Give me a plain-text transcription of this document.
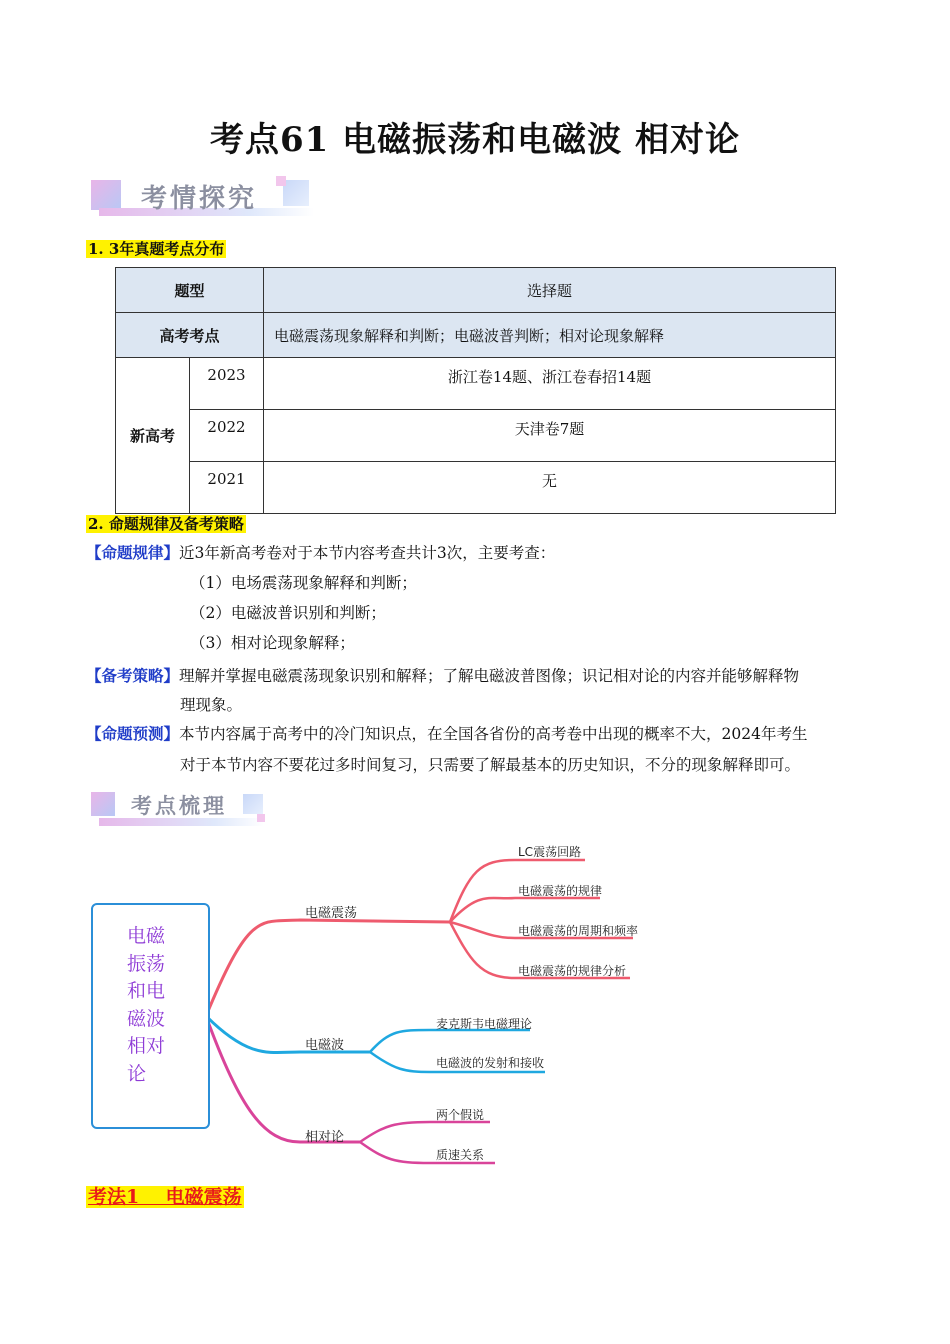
考点61 电磁振荡和电磁波 相对论
考情探究
1. 3年真题考点分布
题型		选择题
高考考点		电磁震荡现象解释和判断；电磁波普判断；相对论现象解释
新高考	2023	浙江卷14题、浙江卷春招14题
	2022	天津卷7题
	2021	无
2. 命题规律及备考策略
【命题规律】近3年新高考卷对于本节内容考查共计3次，主要考查：
（1）电场震荡现象解释和判断；
（2）电磁波普识别和判断；
（3）相对论现象解释；
【备考策略】理解并掌握电磁震荡现象识别和解释；了解电磁波普图像；识记相对论的内容并能够解释物
理现象。
【命题预测】本节内容属于高考中的冷门知识点，在全国各省份的高考卷中出现的概率不大，2024年考生
对于本节内容不要花过多时间复习，只需要了解最基本的历史知识，不分的现象解释即可。
考点梳理
电磁振荡和电磁波相对论
电磁震荡
电磁波
相对论
LC震荡回路
电磁震荡的规律
电磁震荡的周期和频率
电磁震荡的规律分析
麦克斯韦电磁理论
电磁波的发射和接收
两个假说
质速关系
考法1    电磁震荡
